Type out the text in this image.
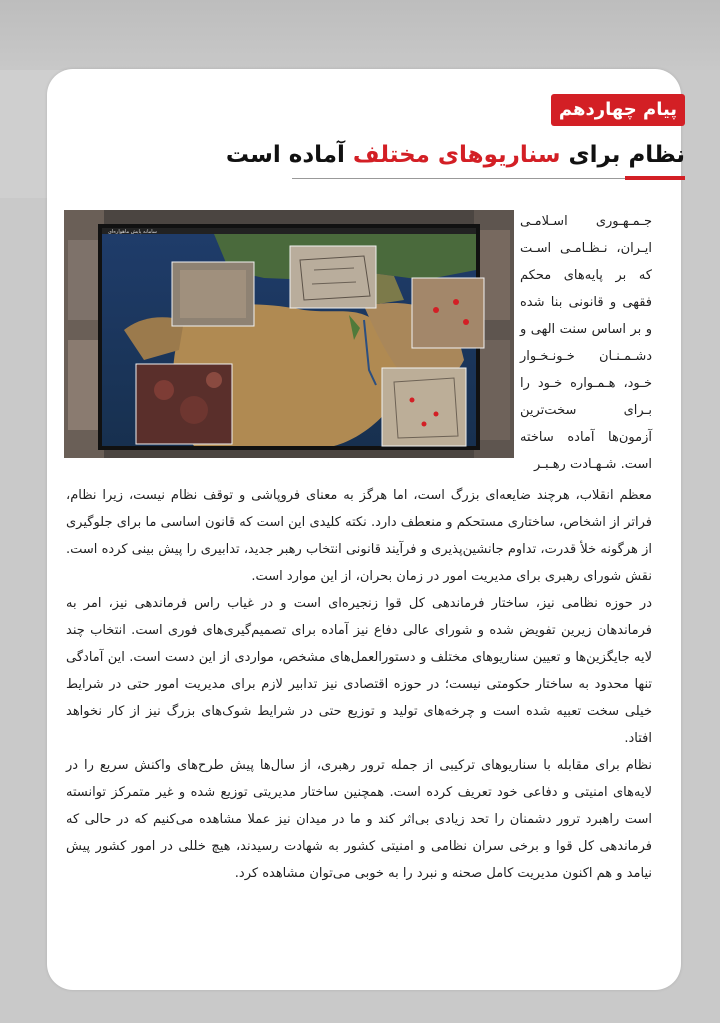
پیام چهاردهم
نظام برای سناریوهای مختلف آماده است
سامانه پایش ماهواره‌ای
جـمـهـوری اسـلامـی ایـران، نـظـامـی اسـت که بر پایه‌های محکم فقهی و قانونی بنا شده و بر اساس سنت الهی و دشـمـنـان خـونـخـوار خـود، هـمـواره خـود را بـرای سخت‌ترین آزمون‌ها آماده ساخته است. شـهـادت رهـبـر

معظم انقلاب، هرچند ضایعه‌ای بزرگ است، اما هرگز به معنای فروپاشی و توقف نظام نیست، زیرا نظام، فراتر از اشخاص، ساختاری مستحکم و منعطف دارد. نکته کلیدی این است که قانون اساسی ما برای جلوگیری از هرگونه خلأ قدرت، تداوم جانشین‌پذیری و فرآیند قانونی انتخاب رهبر جدید، تدابیری را پیش بینی کرده است. نقش شورای رهبری برای مدیریت امور در زمان بحران، از این موارد است.

در حوزه نظامی نیز، ساختار فرماندهی کل قوا زنجیره‌ای است و در غیاب راس فرماندهی نیز، امر به فرماندهان زیرین تفویض شده و شورای عالی دفاع نیز آماده برای تصمیم‌گیری‌های فوری است. انتخاب چند لایه جایگزین‌ها و تعیین سناریوهای مختلف و دستورالعمل‌های مشخص، مواردی از این دست است. این آمادگی تنها محدود به ساختار حکومتی نیست؛ در حوزه اقتصادی نیز تدابیر لازم برای مدیریت امور حتی در شرایط خیلی سخت تعبیه شده است و چرخه‌های تولید و توزیع حتی در شرایط شوک‌های بزرگ نیز از کار نخواهد افتاد.

نظام برای مقابله با سناریوهای ترکیبی از جمله ترور رهبری، از سال‌ها پیش طرح‌های واکنش سریع را در لایه‌های امنیتی و دفاعی خود تعریف کرده است. همچنین ساختار مدیریتی توزیع شده و غیر متمرکز توانسته است راهبرد ترور دشمنان را تحد زیادی بی‌اثر کند و ما در میدان نیز عملا مشاهده می‌کنیم که در حالی که فرماندهی کل قوا و برخی سران نظامی و امنیتی کشور به شهادت رسیدند، هیچ خللی در امور کشور پیش نیامد و هم اکنون مدیریت کامل صحنه و نبرد را به خوبی می‌توان مشاهده کرد.
